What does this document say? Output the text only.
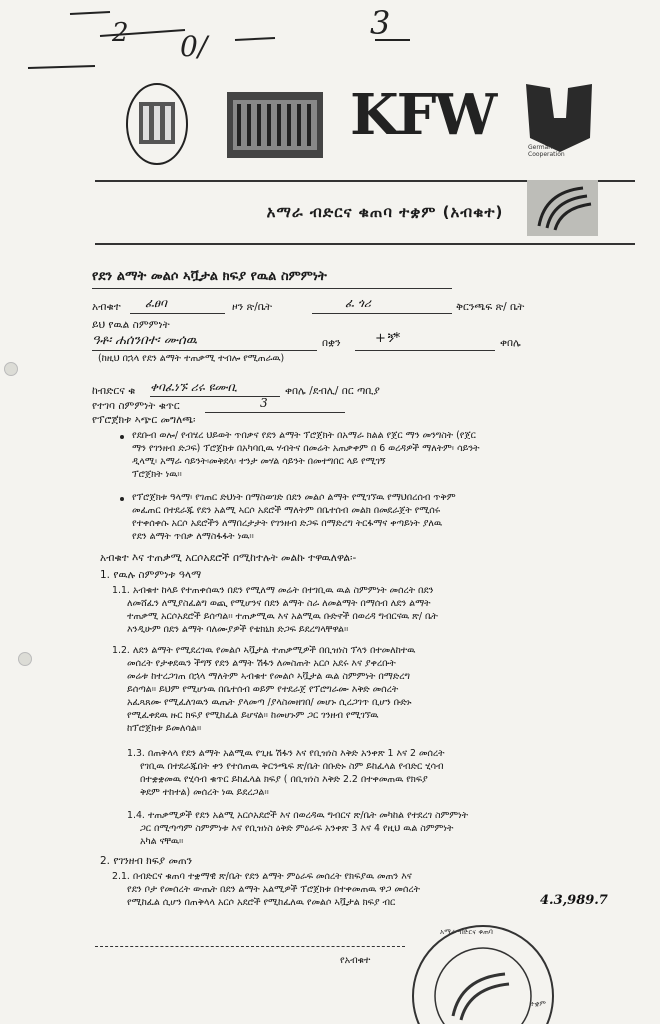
2 0/
3
KFW	German Cooperation
አማራ ብድርና ቁጠባ ተቋም (አብቁተ)
የደን ልማት መልሶ ኣቯታል ክፍያ የዉል ስምምነት
አብቁተ ፈፀባ	ዞን ጽ/ቤት	ፈ ጎሪ	ቅርንጫፍ ጽ/ ቤት
ይህ የዉል ስምምነት
ዓቶ፡ ሐሰንበተ፡ ሙሰዉ	በቋን	+ኝ*	ቀበሌ
(ከዚህ በኋላ የደን ልማት ተጠቃሚ ተብሎ የሚጠራዉ)
ከብድርና ቁ ቀባፈነኙ ሪሩ ዩሙቢ	ቀበሌ /ደብሊ/ በር ጣቢያ
የተገባ ስምምነት ቁጥር	3
የፕሮጀክቱ ኣጭር መግለጫ፡
የደቡብ ወሎ/ የብሄረ ህይወት ጥበቃና የደን ልማት ፕሮጀክት በአማራ ክልል የጀር ማን መንግስት (የጀር
ማን የገንዘብ ድጋፍ) ፕሮጀክቱ በአካባቢዉ ሃብትና በመሬት አጠቃቀም በ 6 ወረዳዎች ማለትም፡ ሳይንት
ዲላሚ፡ አማራ ሳይንት፡መቅደላ፡ ተንታ መሃል ሳይንት በመተግበር ላይ የሚገኝ
ፕሮጀክት ነዉ።
የፕሮጀክቱ ዓላማ፡ የገጠር ድህነት በማስወገድ በደን መልሶ ልማት የሚገኘዉ የማህበረሰብ ጥቅም
መፈጠር በተደራጁ የደን አልሚ ኣርሶ አደሮች ማለትም በቤተሰብ መልክ በመደራጀት የሚሰሩ
የተቀሰቀሱ አርሶ አደሮችን ለማበረታታት የገንዘብ ድጋፍ በማድረግ ትርፋማና ቀጣይነት ያለዉ
የደን ልማት ጥበቃ ለማስፋፋት ነዉ።
አብቁተ እና ተጠቃሚ አርሶአደሮች በሚከተሉት መልኩ ተዋዉለዋል፡-
1. የዉሉ ስምምነቱ ዓላማ
1.1. አብቁተ ከላይ የተጠቀሰዉን በደን የሚለማ መሬት በተገቢዉ ዉል ስምምነት መሰረት በደን
ለመሸፈን ለሚያስፈልግ ወጪ የሚሆንና በደን ልማት ስራ ለመልማት በማሰብ ለደን ልማት
ተጠቃሚ አርሶአደሮች ይሰጣል። ተጠቃሚዉ እና አልሚዉ ቡድኖች በወረዳ ግብርናዉ ጽ/ ቤት
እንዲሁም በደን ልማት ባለሙያዎች የቴክኒክ ድጋፍ ይደረግላቸዋል።
1.2. ለደን ልማት የሚደረገዉ የመልሶ ኣቯታል ተጠቃሚዎች በቢዝነስ ፕላን በተመለከተዉ
መሰረት የታቀደዉን ችግኝ የደን ልማት ሽፋን ለመስጠት አርሶ አደሩ እና ያቀረቡት
መሬቱ ከተረጋገጠ በኋላ ማለትም ኣብቁተ የመልሶ ኣቯታል ዉል ስምምነት በማድረግ
ይሰጣል። ይህም የሚሆነዉ በቤተሰብ ወይም የተደራጀ የፕሮግራሙ እቅድ መሰረት
አፈጻጸሙ የሚፈለገዉን ዉጤት ያላመጣ /ያላስመዘገበ/ መሆኑ ሲረጋገጥ ቢሆን ቡድኑ
የሚፈቀደዉ ዙር ክፍያ የሚከፈል ይሆናል። ከመሆኑም ጋር ገንዘብ የሚገኘዉ
ከፕሮጀክቱ ይመለሳል።
1.3. በጠቅላላ የደን ልማት አልሚዉ የጊዜ ሽፋን እና የቢዝነስ እቅድ አንቀጽ 1 እና 2 መሰረት
የገቢዉ በተደራጁበት ቀን የተሰጠዉ ቅርንጫፍ ጽ/ቤት በቡድኑ ስም ይከፈላል የብድር ሂሳብ
በተቋቋመዉ የሂሳብ ቁጥር ይከፈላል ክፍያ ( በቢዝነስ እቅድ 2.2 በተቀመጠዉ የክፍያ
ቅደም ተከተል) መሰረት ነዉ ይደረጋል።
1.4. ተጠቃሚዎች የደን አልሚ አርሶአደሮች እና በወረዳዉ ግብርና ጽ/ቤት መካከል የተደረገ ስምምነት
ጋር በሚጣጣም ስምምነቱ እና የቢዝነስ ዕቅድ ምዕራፍ አንቀጽ 3 እና 4 የዚህ ዉል ስምምነት
አካል ናቸዉ።
2. የገንዘብ ክፍያ መጠን
2.1. በብድርና ቁጠባ ተቋማዊ ጽ/ቤት የደን ልማት ምዕራፍ መሰረት የክፍያዉ መጠን እና
የደን ቦታ የመሰረት ውጤት በደን ልማት አልሚዎች ፕሮጀክቱ በተቀመጠዉ ዋጋ መሰረት
የሚከፈል ሲሆን በጠቅላላ አርሶ አደሮች የሚከፈለዉ የመልሶ ኣቯታል ክፍያ ብር	4.3,989.7
የአብቁተ
አማራ ብድርና ቁጠባ
ተቋም
